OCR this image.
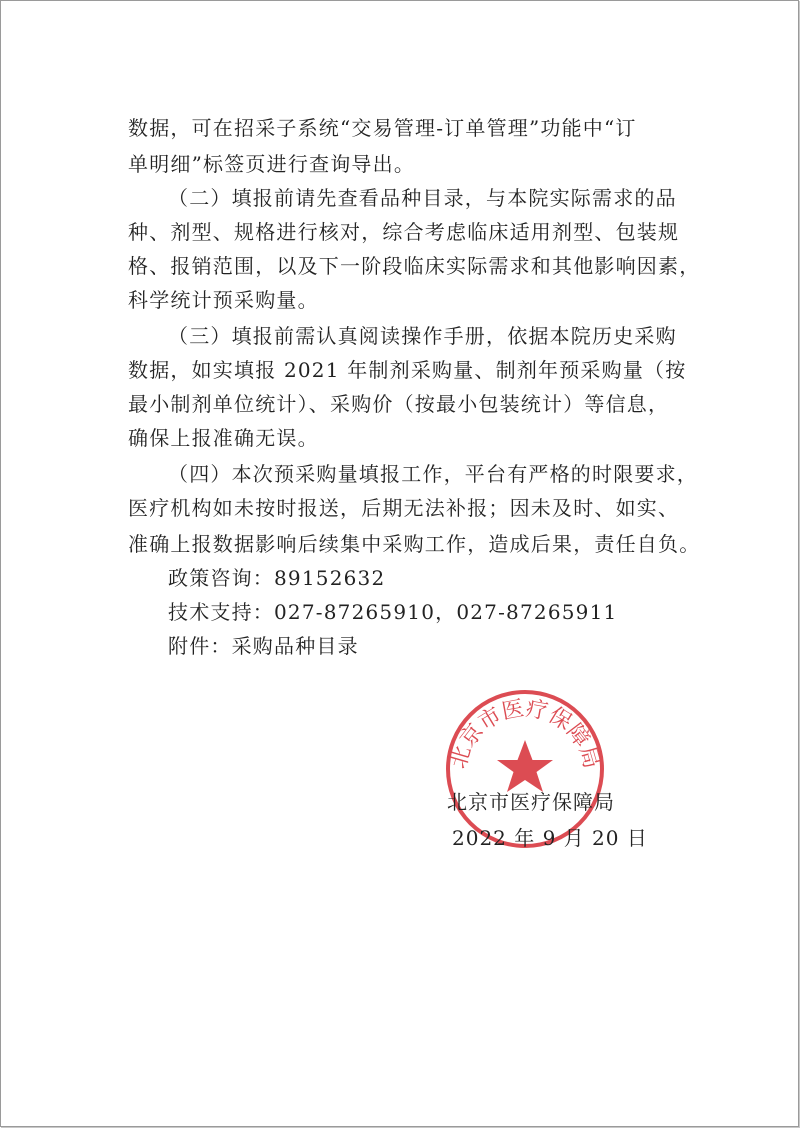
数据，可在招采子系统“交易管理-订单管理”功能中“订
单明细”标签页进行查询导出。
（二）填报前请先查看品种目录，与本院实际需求的品
种、剂型、规格进行核对，综合考虑临床适用剂型、包装规
格、报销范围，以及下一阶段临床实际需求和其他影响因素，
科学统计预采购量。
（三）填报前需认真阅读操作手册，依据本院历史采购
数据，如实填报 2021 年制剂采购量、制剂年预采购量（按
最小制剂单位统计）、采购价（按最小包装统计）等信息，
确保上报准确无误。
（四）本次预采购量填报工作，平台有严格的时限要求，
医疗机构如未按时报送，后期无法补报；因未及时、如实、
准确上报数据影响后续集中采购工作，造成后果，责任自负。
政策咨询：89152632
技术支持：027-87265910，027-87265911
附件：采购品种目录
北京市医疗保障局
北京市医疗保障局
2022 年 9 月 20 日
